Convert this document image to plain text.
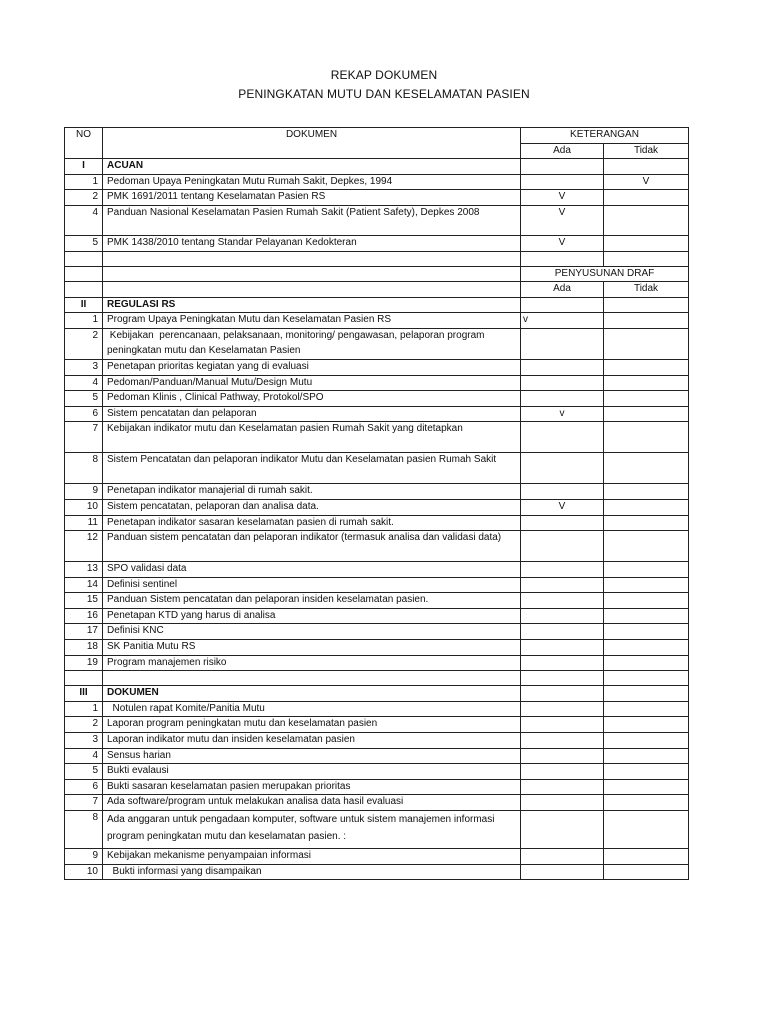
REKAP DOKUMEN
PENINGKATAN MUTU DAN KESELAMATAN PASIEN
NO	DOKUMEN	KETERANGAN	
		Ada	Tidak
I	ACUAN		
1	Pedoman Upaya Peningkatan Mutu Rumah Sakit, Depkes, 1994		V
2	PMK 1691/2011 tentang Keselamatan Pasien RS	V	
4	Panduan Nasional Keselamatan Pasien Rumah Sakit (Patient Safety), Depkes 2008	V	
5	PMK 1438/2010 tentang Standar Pelayanan Kedokteran	V	

		PENYUSUNAN DRAF	
		Ada	Tidak
II	REGULASI RS		
1	Program Upaya Peningkatan Mutu dan Keselamatan Pasien RS	v	
2	Kebijakan  perencanaan, pelaksanaan, monitoring/ pengawasan, pelaporan program peningkatan mutu dan Keselamatan Pasien		
3	Penetapan prioritas kegiatan yang di evaluasi		
4	Pedoman/Panduan/Manual Mutu/Design Mutu		
5	Pedoman Klinis , Clinical Pathway, Protokol/SPO		
6	Sistem pencatatan dan pelaporan	v	
7	Kebijakan indikator mutu dan Keselamatan pasien Rumah Sakit yang ditetapkan		
8	Sistem Pencatatan dan pelaporan indikator Mutu dan Keselamatan pasien Rumah Sakit		
9	Penetapan indikator manajerial di rumah sakit.		
10	Sistem pencatatan, pelaporan dan analisa data.	V	
11	Penetapan indikator sasaran keselamatan pasien di rumah sakit.		
12	Panduan sistem pencatatan dan pelaporan indikator (termasuk analisa dan validasi data)		
13	SPO validasi data		
14	Definisi sentinel		
15	Panduan Sistem pencatatan dan pelaporan insiden keselamatan pasien.		
16	Penetapan KTD yang harus di analisa		
17	Definisi KNC		
18	SK Panitia Mutu RS		
19	Program manajemen risiko		

III	DOKUMEN		
1	Notulen rapat Komite/Panitia Mutu		
2	Laporan program peningkatan mutu dan keselamatan pasien		
3	Laporan indikator mutu dan insiden keselamatan pasien		
4	Sensus harian		
5	Bukti evalausi		
6	Bukti sasaran keselamatan pasien merupakan prioritas		
7	Ada software/program untuk melakukan analisa data hasil evaluasi		
8	Ada anggaran untuk pengadaan komputer, software untuk sistem manajemen informasi program peningkatan mutu dan keselamatan pasien. :		
9	Kebijakan mekanisme penyampaian informasi		
10	Bukti informasi yang disampaikan		
